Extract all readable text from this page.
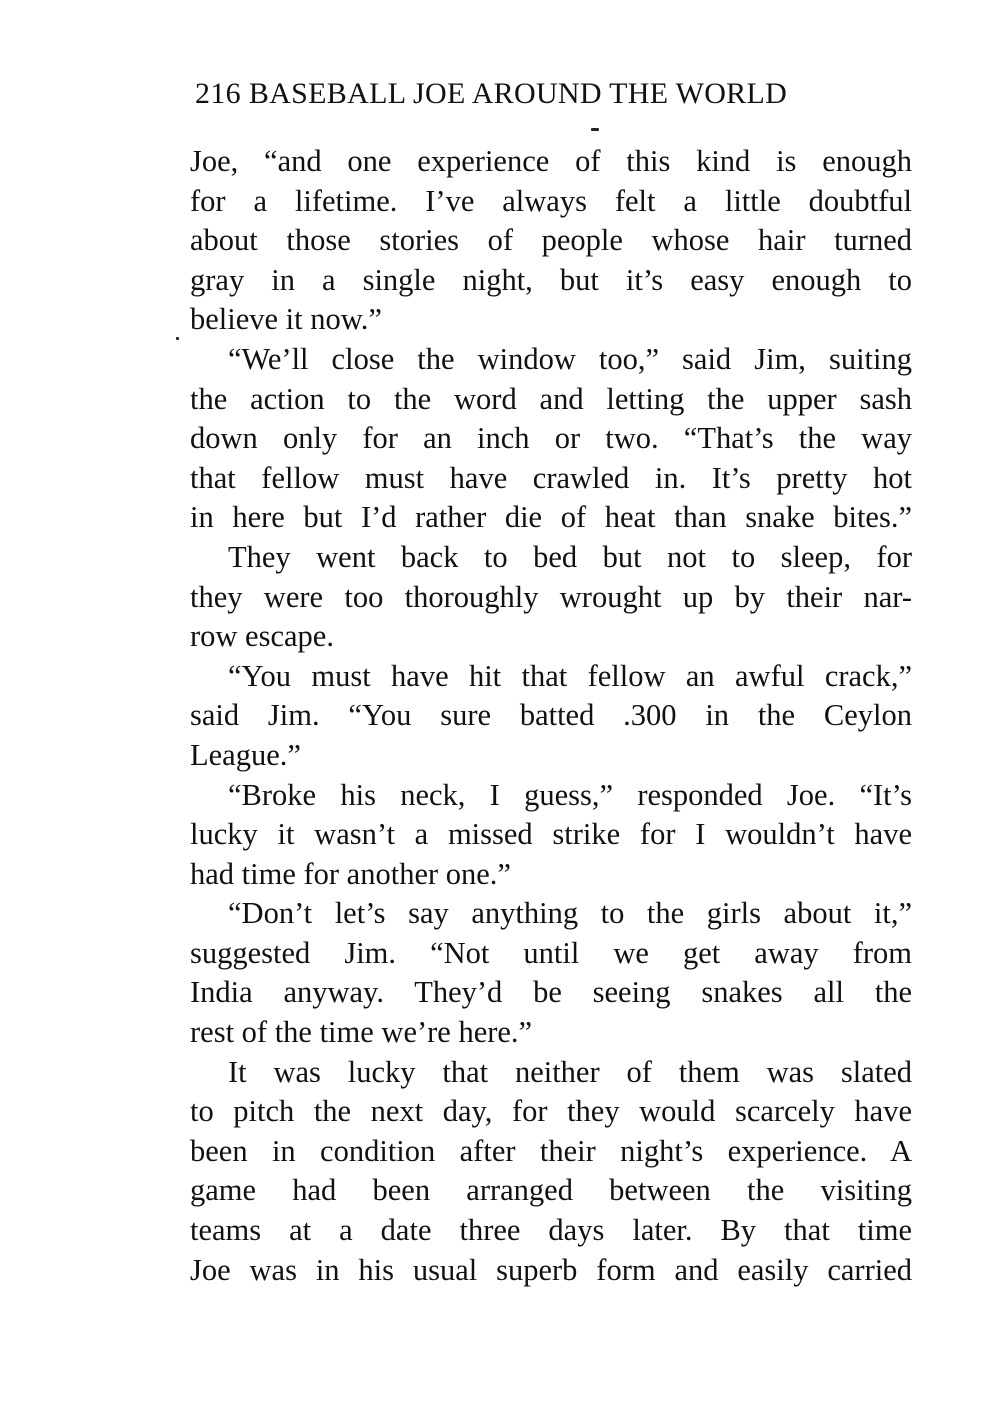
216 BASEBALL JOE AROUND THE WORLD
Joe, “and one experience of this kind is enough
for a lifetime. I’ve always felt a little doubtful
about those stories of people whose hair turned
gray in a single night, but it’s easy enough to
believe it now.”
“We’ll close the window too,” said Jim, suiting
the action to the word and letting the upper sash
down only for an inch or two. “That’s the way
that fellow must have crawled in. It’s pretty hot
in here but I’d rather die of heat than snake bites.”
They went back to bed but not to sleep, for
they were too thoroughly wrought up by their nar-
row escape.
“You must have hit that fellow an awful crack,”
said Jim. “You sure batted .300 in the Ceylon
League.”
“Broke his neck, I guess,” responded Joe. “It’s
lucky it wasn’t a missed strike for I wouldn’t have
had time for another one.”
“Don’t let’s say anything to the girls about it,”
suggested Jim. “Not until we get away from
India anyway. They’d be seeing snakes all the
rest of the time we’re here.”
It was lucky that neither of them was slated
to pitch the next day, for they would scarcely have
been in condition after their night’s experience. A
game had been arranged between the visiting
teams at a date three days later. By that time
Joe was in his usual superb form and easily carried
